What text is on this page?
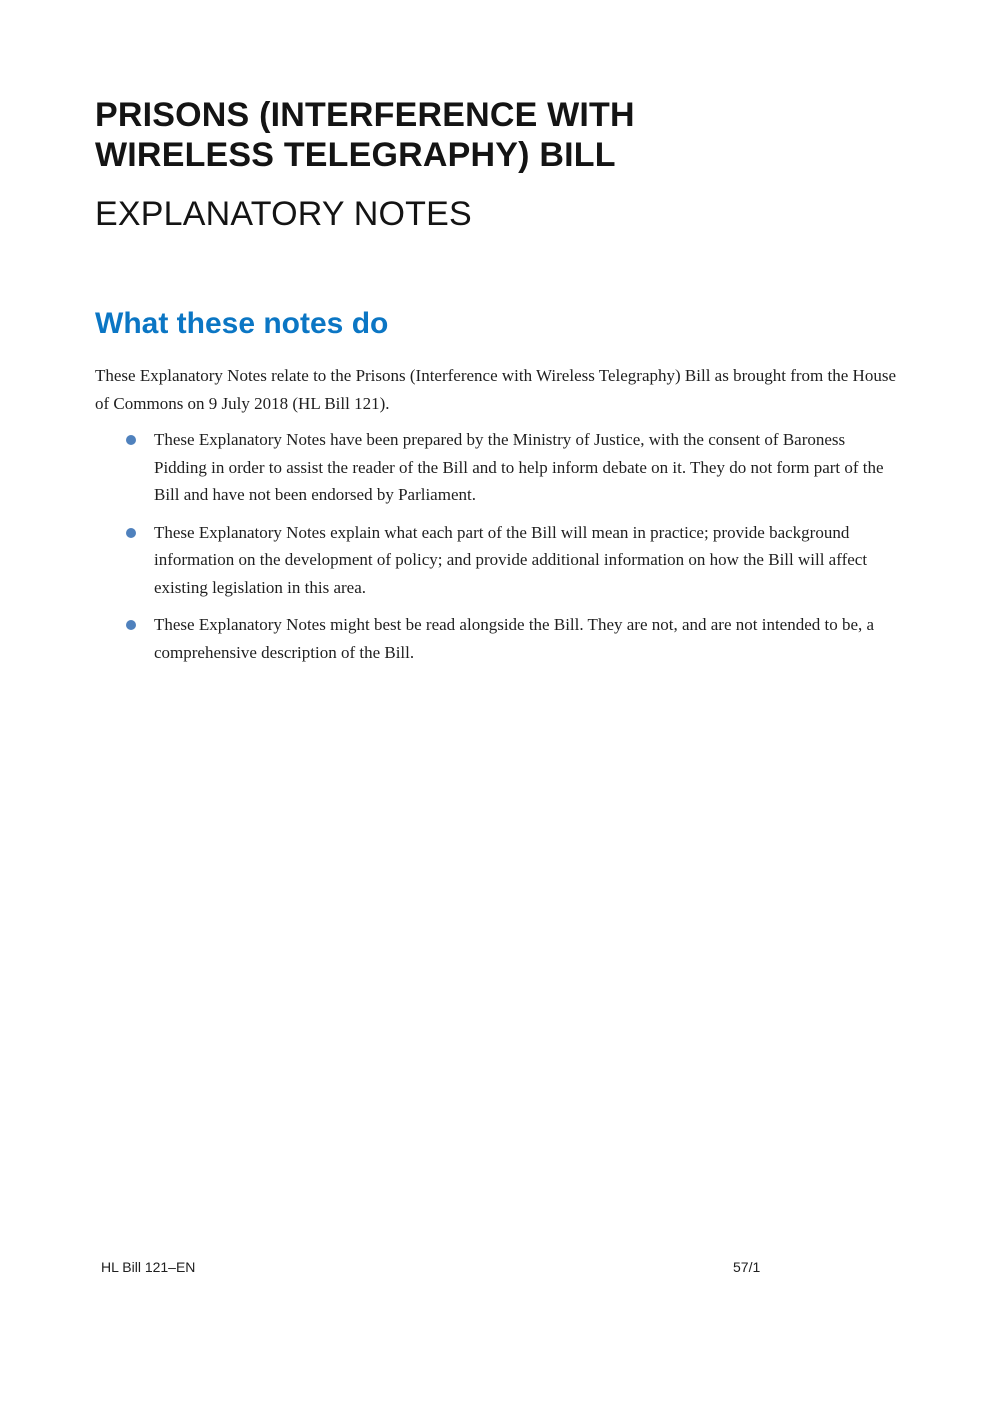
PRISONS (INTERFERENCE WITH
WIRELESS TELEGRAPHY) BILL
EXPLANATORY NOTES
What these notes do

These Explanatory Notes relate to the Prisons (Interference with Wireless Telegraphy) Bill as brought from the House of Commons on 9 July 2018 (HL Bill 121).

These Explanatory Notes have been prepared by the Ministry of Justice, with the consent of Baroness Pidding in order to assist the reader of the Bill and to help inform debate on it. They do not form part of the Bill and have not been endorsed by Parliament.
These Explanatory Notes explain what each part of the Bill will mean in practice; provide background information on the development of policy; and provide additional information on how the Bill will affect existing legislation in this area.
These Explanatory Notes might best be read alongside the Bill. They are not, and are not intended to be, a comprehensive description of the Bill.
HL Bill 121–EN	57/1
